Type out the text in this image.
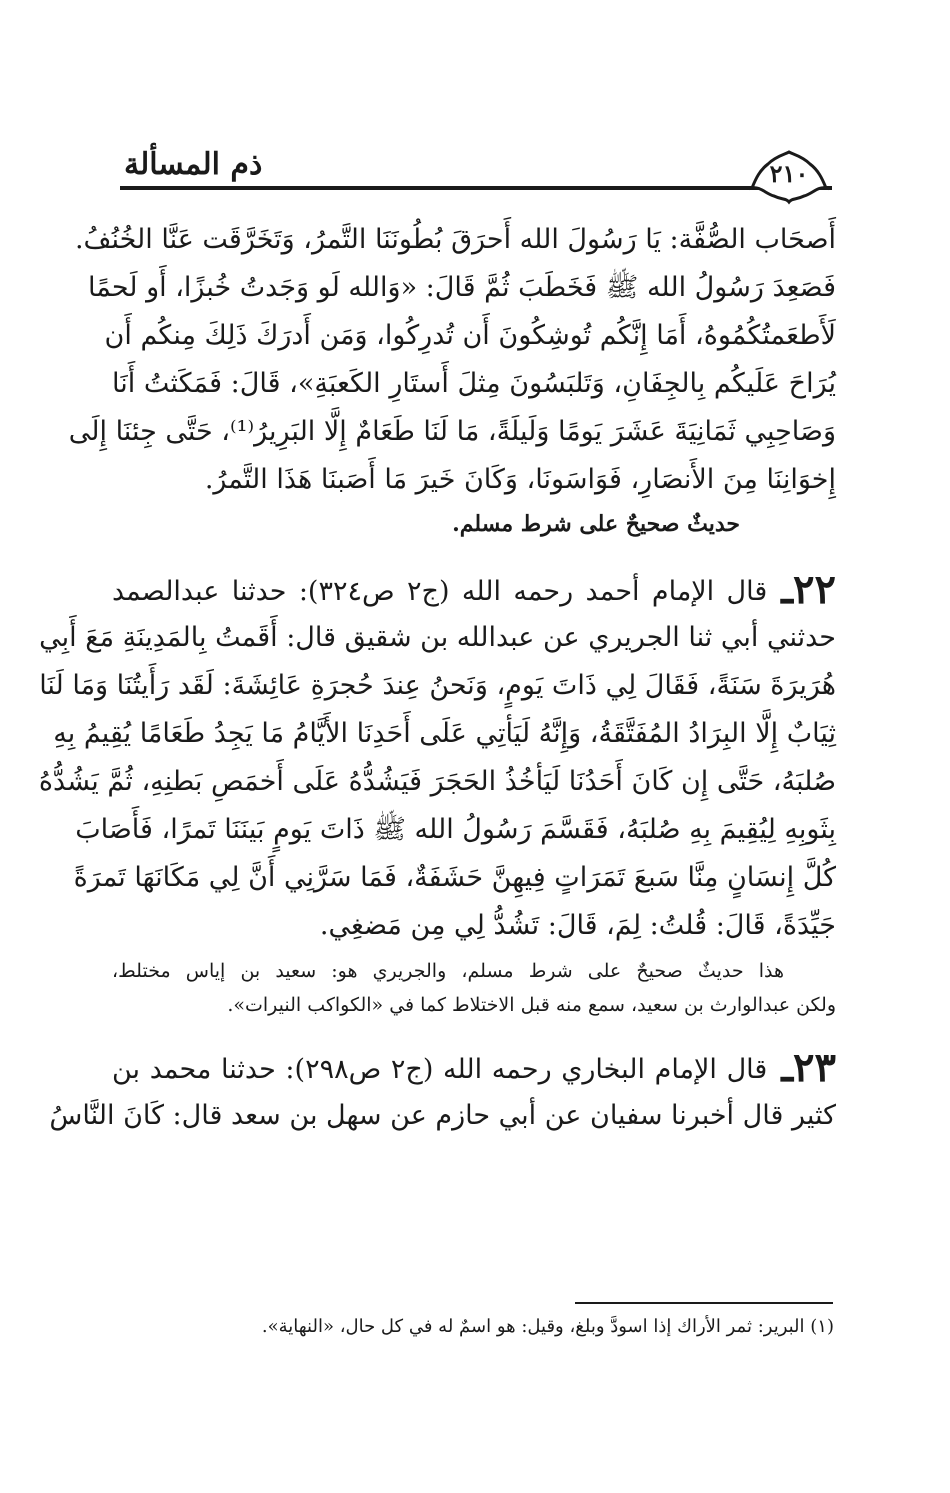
ذم المسألة	٢١٠
أَصحَاب الصُّفَّة: يَا رَسُولَ الله أَحرَقَ بُطُونَنَا التَّمرُ، وَتَخَرَّقَت عَنَّا الخُنُفُ.
فَصَعِدَ رَسُولُ الله ﷺ فَخَطَبَ ثُمَّ قَالَ: «وَالله لَو وَجَدتُ خُبزًا، أَو لَحمًا
لَأَطعَمتُكُمُوهُ، أَمَا إِنَّكُم تُوشِكُونَ أَن تُدرِكُوا، وَمَن أَدرَكَ ذَلِكَ مِنكُم أَن
يُرَاحَ عَلَيكُم بِالجِفَانِ، وَتَلبَسُونَ مِثلَ أَستَارِ الكَعبَةِ»، قَالَ: فَمَكَثتُ أَنَا
وَصَاحِبِي ثَمَانِيَةَ عَشَرَ يَومًا وَلَيلَةً، مَا لَنَا طَعَامٌ إِلَّا البَرِيرُ⁽¹⁾، حَتَّى جِئنَا إِلَى
إِخوَانِنَا مِنَ الأَنصَارِ، فَوَاسَونَا، وَكَانَ خَيرَ مَا أَصَبنَا هَذَا التَّمرُ.
حديثٌ صحيحٌ على شرط مسلم.
٢٢ـقال الإمام أحمد رحمه الله (ج٢ ص٣٢٤): حدثنا عبدالصمد
حدثني أبي ثنا الجريري عن عبدالله بن شقيق قال: أَقَمتُ بِالمَدِينَةِ مَعَ أَبِي
هُرَيرَةَ سَنَةً، فَقَالَ لِي ذَاتَ يَومٍ، وَنَحنُ عِندَ حُجرَةِ عَائِشَةَ: لَقَد رَأَيتُنَا وَمَا لَنَا
ثِيَابٌ إِلَّا البِرَادُ المُفَتَّقَةُ، وَإِنَّهُ لَيَأتِي عَلَى أَحَدِنَا الأَيَّامُ مَا يَجِدُ طَعَامًا يُقِيمُ بِهِ
صُلبَهُ، حَتَّى إِن كَانَ أَحَدُنَا لَيَأخُذُ الحَجَرَ فَيَشُدُّهُ عَلَى أَخمَصِ بَطنِهِ، ثُمَّ يَشُدُّهُ
بِثَوبِهِ لِيُقِيمَ بِهِ صُلبَهُ، فَقَسَّمَ رَسُولُ الله ﷺ ذَاتَ يَومٍ بَينَنَا تَمرًا، فَأَصَابَ
كُلَّ إِنسَانٍ مِنَّا سَبعَ تَمَرَاتٍ فِيهِنَّ حَشَفَةٌ، فَمَا سَرَّنِي أَنَّ لِي مَكَانَهَا تَمرَةً
جَيِّدَةً، قَالَ: قُلتُ: لِمَ، قَالَ: تَشُدُّ لِي مِن مَضغِي.
هذا حديثٌ صحيحٌ على شرط مسلم، والجريري هو: سعيد بن إياس مختلط،
ولكن عبدالوارث بن سعيد، سمع منه قبل الاختلاط كما في «الكواكب النيرات».
٢٣ـقال الإمام البخاري رحمه الله (ج٢ ص٢٩٨): حدثنا محمد بن
كثير قال أخبرنا سفيان عن أبي حازم عن سهل بن سعد قال: كَانَ النَّاسُ
(١) البرير: ثمر الأراك إذا اسودَّ وبلغ، وقيل: هو اسمٌ له في كل حال، «النهاية».
